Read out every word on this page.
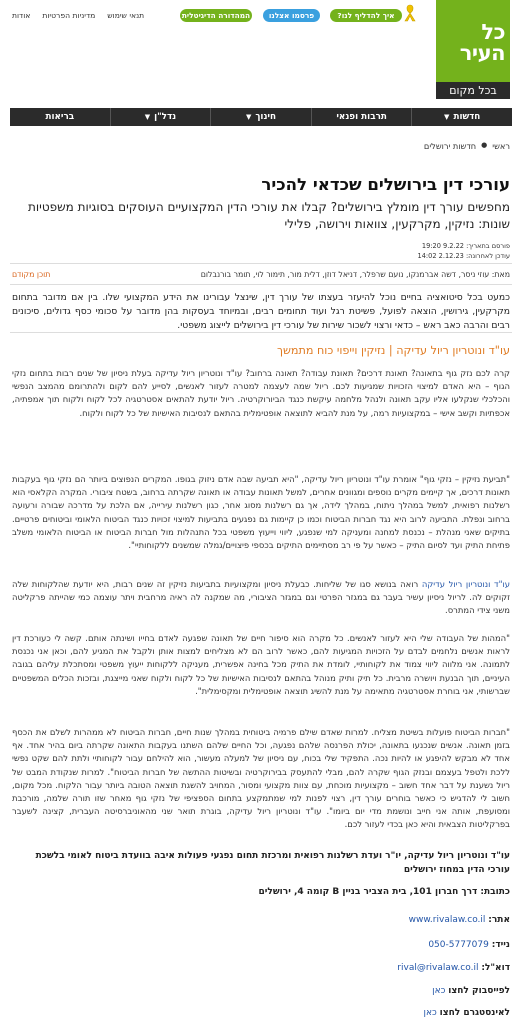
כל
העיר
בכל מקום
איך להדליף לנו?
פרסמו אצלנו
המהדורה הדיגיטלית
אודות מדיניות הפרטיות תנאי שימוש
חדשות
▼
תרבות ופנאי
חינוך
▼
נדל"ן
▼
בריאות
ראשי
●
חדשות ירושלים
עורכי דין בירושלים שכדאי להכיר
מחפשים עורך דין מומלץ בירושלים? קבלו את עורכי הדין המקצועיים העוסקים בסוגיות משפטיות שונות: נזיקין, מקרקעין, צוואות וירושה, פלילי
פורסם בתאריך: 9.2.22 19:20
עודכן לאחרונה: 2.12.23 14:02
מאת: עוזי ניסר, דשה אברמנקו, נועם שרפלר, דניאל דוזן, דלית מור, תימור לוי, תומר בורנבלום
תוכן מקודם

כמעט בכל סיטואציה בחיים נוכל להיעזר בעצתו של עורך דין, שינצל עבורינו את הידע המקצועי שלו. בין אם מדובר בתחום מקרקעין, גירושין, הוצאה לפועל, פשיטת רגל ועוד תחומים רבים, ובמיוחד בעסקות בהן מדובר על סכומי כסף גדולים, סיכונים רבים והרבה כאב ראש – כדאי ורצוי לשכור שירות של עורכי דין בירושלים לייצוג משפטי.

עו"ד ונוטריון ריול עדיקה | נזיקין וייפוי כוח מתמשך

קרה לכם נזק גוף בתאונה? תאונת דרכים? תאונת עבודה? תאונה ברחוב? עו"ד ונוטריון ריול עדיקה בעלת ניסיון של שנים רבות בתחום נזקי הגוף – היא האדם למיצוי הזכויות שמגיעות לכם. ריול שמה לעצמה למטרה לעזור לאנשים, לסייע להם לקום ולהתרומם מהמצב הנפשי והכלכלי שנקלעו אליו עקב תאונה ולנהל מלחמה עיקשת כנגד הביורוקרטיה. ריול יודעת להתאים אסטרטגיה לכל לקוח ולקוח תוך אמפתיה, אכפתיות וקשב אישי – במקצועיות רמה, על מנת להביא לתוצאה אופטימלית בהתאם לנסיבות האישיות של כל לקוח ולקוח.

"תביעת נזיקין – נזקי גוף" אומרת עו"ד ונוטריון ריול עדיקה, "היא תביעה שבה אדם ניזוק בגופו. המקרים הנפוצים ביותר הם נזקי גוף בעקבות תאונות דרכים, אך קיימים מקרים נוספים ומגוונים אחרים, למשל תאונות עבודה או תאונה שקרתה ברחוב, בשטח ציבורי. המקרה הקלאסי הוא רשלנות רפואית, למשל במהלך ניתוח, במהלך לידה, אך גם רשלנות מסוג אחר, כגון רשלנות עירייה, אם הלכת על מדרכה שבורה ורעועה ברחוב ונפלת. התביעה לרוב היא נגד חברות הביטוח וכמו כן קיימות גם נפגעים בתביעות למיצוי זכויות כנגד הביטוח הלאומי וביטוחים פרטיים. בתיקים שאני מנהלת – נכנסת למחנה ומעניקה למי שנפגע, ליווי וייעוץ משפטי בכל התנהלות מול חברות הביטוח או הביטוח הלאומי משלב פתיחת התיק ועד לסיום התיק – כאשר על פי רב מסתיימים התיקים בכספי פיצויים/גמלה שמשנים ללקוחותיי".

עו"ד ונוטריון ריול עדיקה רואה בנושא סגו של שליחות. כבעלת ניסיון ומקצועיות בתביעות נזיקין זה שנים רבות, היא יודעת שהלקוחות שלה זקוקים לה. לריול ניסיון עשיר בעבר גם במגזר הפרטי וגם במגזר הציבורי, מה שמקנה לה ראיה מרחבית ויתר עוצמה כמי שהייתה פרקליטה משני צידי המתרס.

"המהות של העבודה שלי היא לעזור לאנשים. כל מקרה הוא סיפור חיים של תאונה שפגעה לאדם בחייו ושינתה אותם. קשה לי כעורכת דין לראות אנשים נלחמים לבדם על הזכויות המגיעות להם, כאשר לרוב הם לא מצליחים למצות אותן ולקבל את המגיע להם, וכאן אני נכנסת לתמונה. אני מלווה ליווי צמוד את לקוחותיי, לומדת את התיק מכל בחינה אפשרית, מעניקה ללקוחות ייעוץ משפטי ומסתכלת עליהם בגובה העיניים, תוך הבנעת ויושרה מרבית. כל תיק ותיק מנוהל בהתאם לנסיבות האישיות של כל לקוח ולקוח שאני מייצגת, ובזכות הכלים המשפטיים שברשותי, אני בוחרת אסטרטגיה מתאימה על מנת להשיג תוצאה אופטימלית ומקסימלית".

"חברות הביטוח פועלות בשיטת מצליח. למרות שאדם שילם פרמיה ביטוחית במהלך שנות חיים, חברות הביטוח לא ממהרות לשלם את הכסף בזמן תאונה. אנשים שנכנעו בתאונה, יכולת הפרנסה שלהם נפגעה, וכל החיים שלהם השתנו בעקבות התאונה שקרתה ביום בהיר אחד. אף אחד לא מבקש להיפגע או להיות נכה. התפקיד שלי בכוח, עם ניסיון של למעלה מעשור, הוא להילחם עבור לקוחותיי ולתת להם שקט נפשי ללכת ולטפל בעצמם ובנזק הגוף שקרה להם, מבלי להתעסק בבירוקרטיה ובשיטות ההתשה של חברות הביטוח". למרות שנקודת המבט של ריול נשענת על דבר אחד חשוב – מקצועיות מוכחת, עם צוות מקצועי ומסור, המחויב להשגת תוצאה הטובה ביותר עבור הלקוח. מכל מקום, חשוב לי להדגיש כי כאשר בוחרים עורך דין, רצוי לפנות למי שמתמקצע בתחום הספציפי של נזקי גוף מאחר שזו תורה שלמה, מורכבת ומסועפת, אותה אני חייב ונושמת מדי יום ביומו". עו"ד ונוטריון ריול עדיקה, בוגרת תואר שני מהאוניברסיטה העברית, קצינה לשעבר בפרקליטות הצבאית והיא כאן בכדי לעזור לכם.

עו"ד ונוטריון ריול עדיקה, יו"ר ועדת רשלנות רפואית ומרכזת תחום נפגעי פעולות איבה בוועדת ביטוח לאומי בלשכת עורכי הדין במחוז ירושלים

כתובת: דרך חברון 101, בית הצביר בניין B קומה 4, ירושלים
אתר: www.rivalaw.co.il
נייד: 050-5777079
דוא"ל: rival@rivalaw.co.il
לפייסבוק לחצו כאן
לאינסטגרם לחצו כאן
